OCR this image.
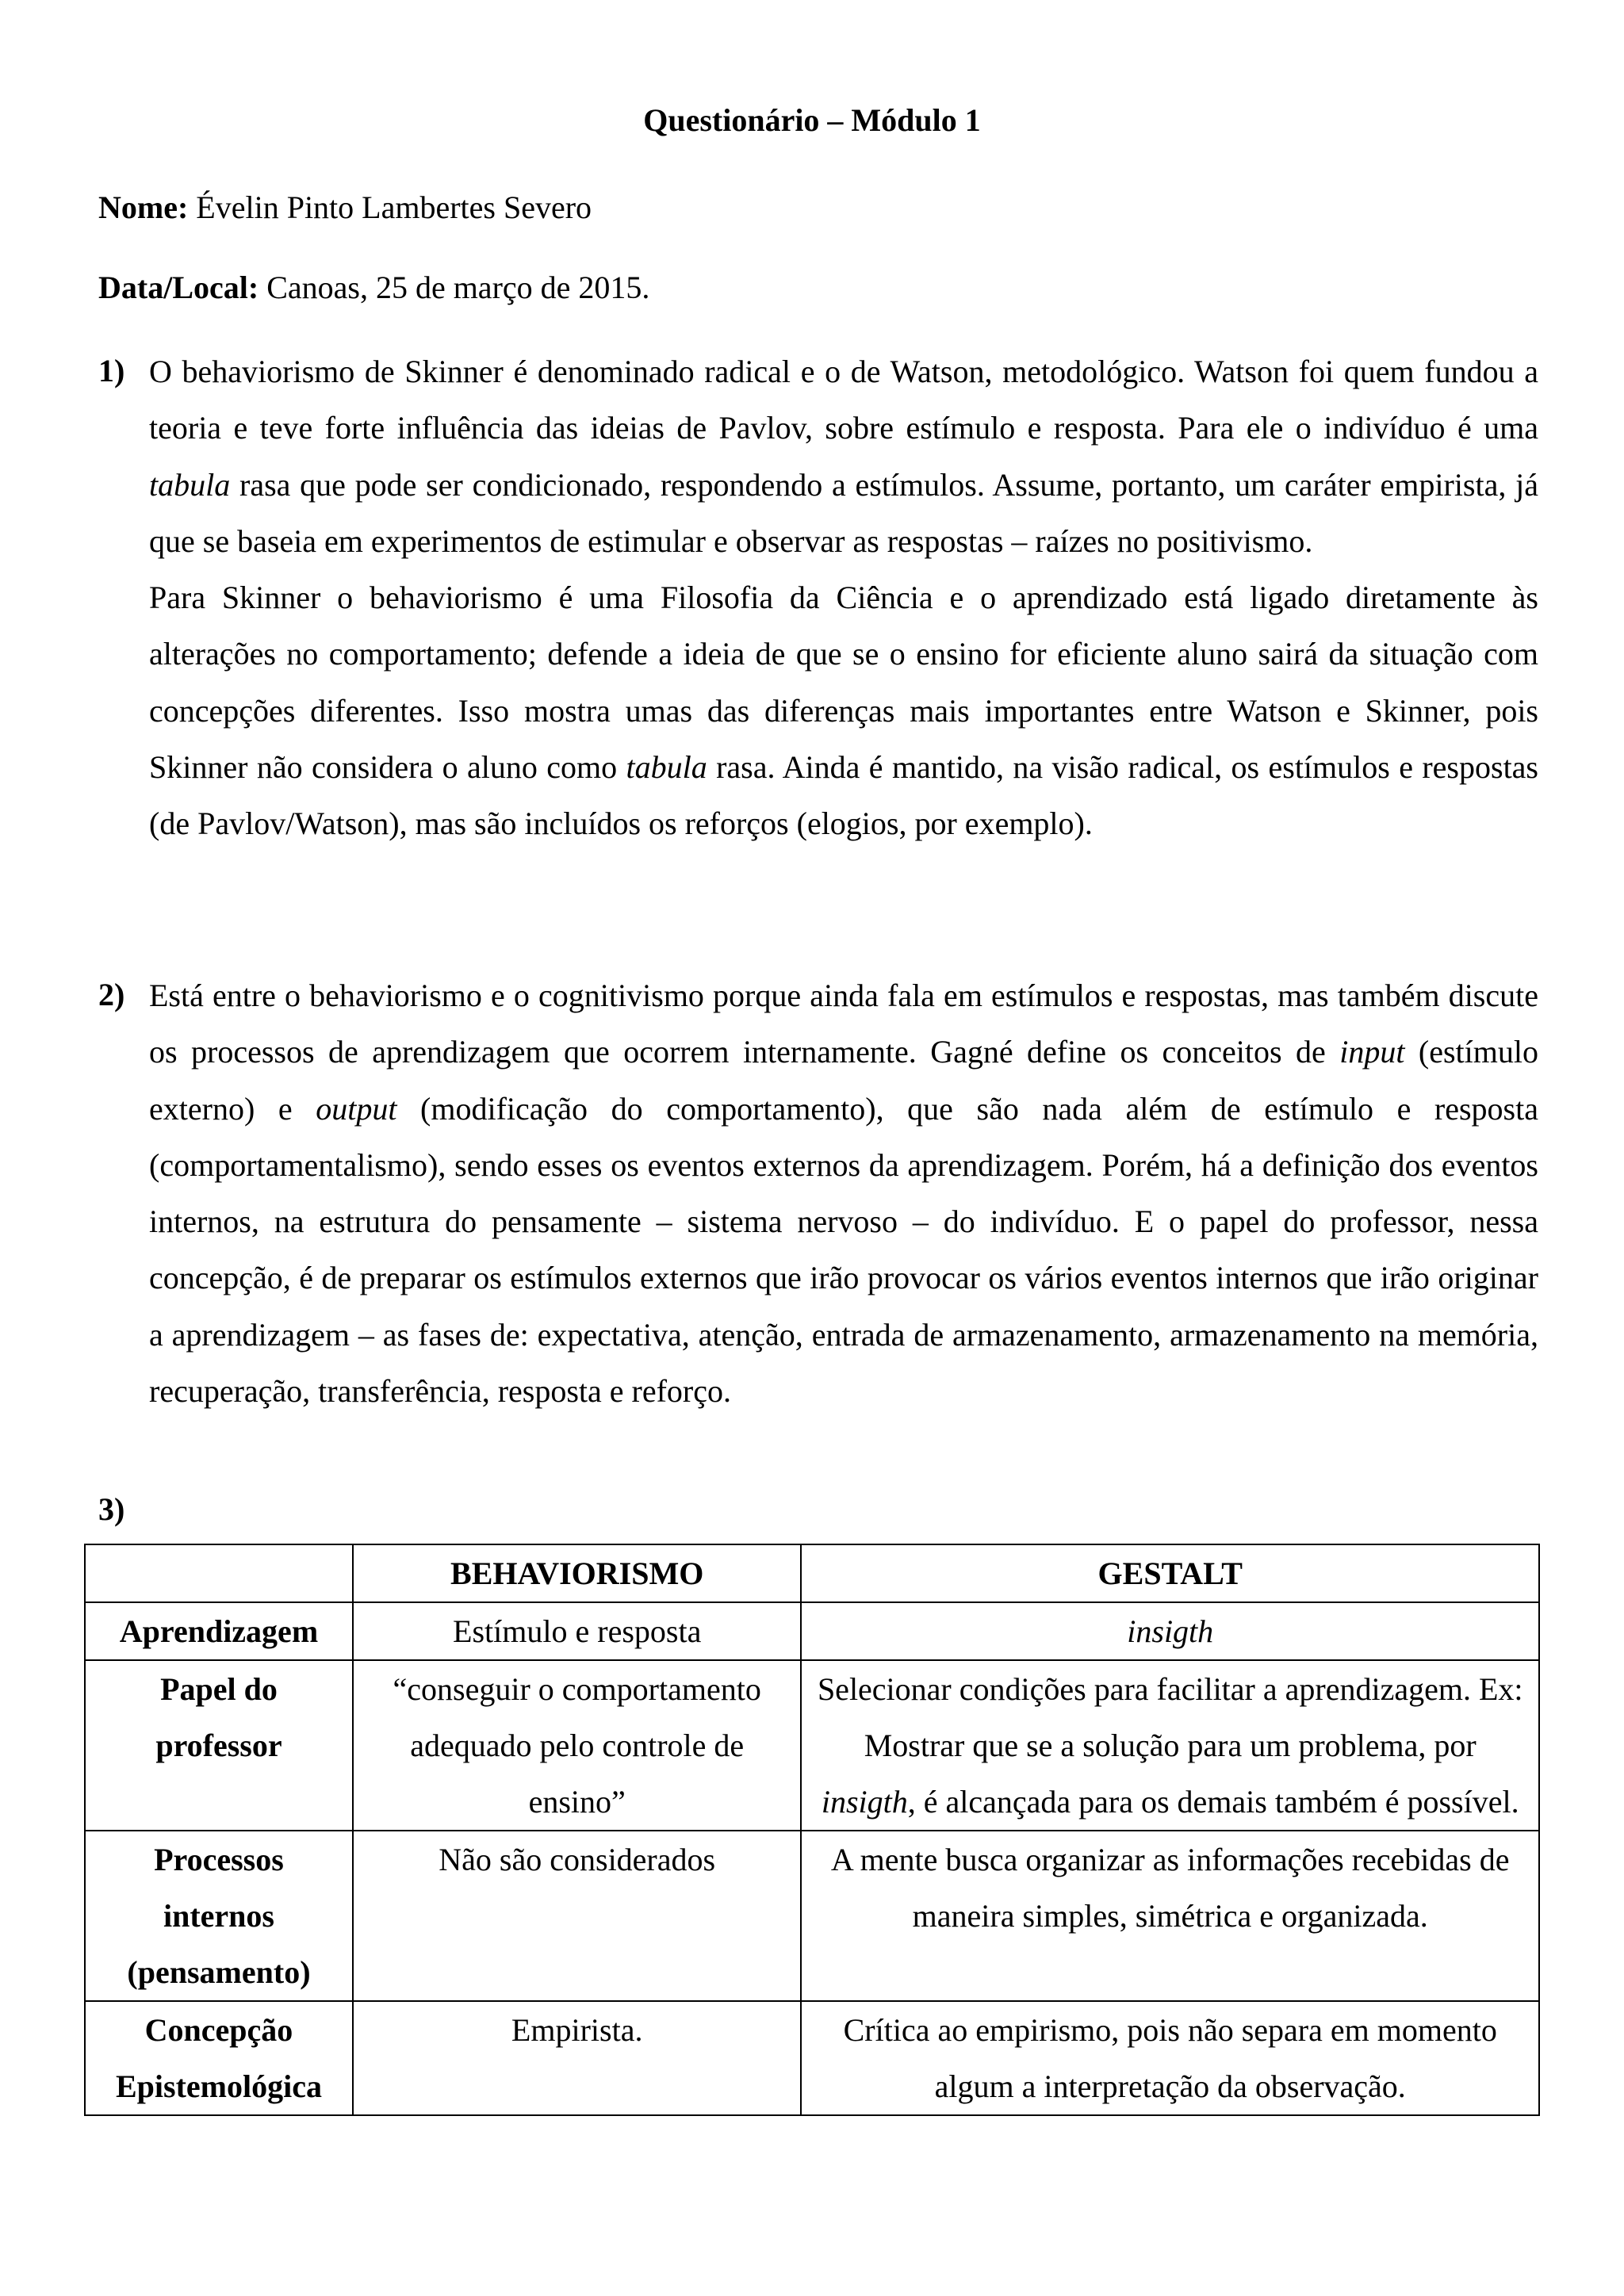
Questionário – Módulo 1
Nome: Évelin Pinto Lambertes Severo
Data/Local: Canoas, 25 de março de 2015.
1) O behaviorismo de Skinner é denominado radical e o de Watson, metodológico. Watson foi quem fundou a teoria e teve forte influência das ideias de Pavlov, sobre estímulo e resposta. Para ele o indivíduo é uma tabula rasa que pode ser condicionado, respondendo a estímulos. Assume, portanto, um caráter empirista, já que se baseia em experimentos de estimular e observar as respostas – raízes no positivismo.

Para Skinner o behaviorismo é uma Filosofia da Ciência e o aprendizado está ligado diretamente às alterações no comportamento; defende a ideia de que se o ensino for eficiente aluno sairá da situação com concepções diferentes. Isso mostra umas das diferenças mais importantes entre Watson e Skinner, pois Skinner não considera o aluno como tabula rasa. Ainda é mantido, na visão radical, os estímulos e respostas (de Pavlov/Watson), mas são incluídos os reforços (elogios, por exemplo).

2) Está entre o behaviorismo e o cognitivismo porque ainda fala em estímulos e respostas, mas também discute os processos de aprendizagem que ocorrem internamente. Gagné define os conceitos de input (estímulo externo) e output (modificação do comportamento), que são nada além de estímulo e resposta (comportamentalismo), sendo esses os eventos externos da aprendizagem. Porém, há a definição dos eventos internos, na estrutura do pensamente – sistema nervoso – do indivíduo. E o papel do professor, nessa concepção, é de preparar os estímulos externos que irão provocar os vários eventos internos que irão originar a aprendizagem – as fases de: expectativa, atenção, entrada de armazenamento, armazenamento na memória, recuperação, transferência, resposta e reforço.

3)
	BEHAVIORISMO	GESTALT
Aprendizagem	Estímulo e resposta	insigth
Papel do professor	“conseguir o comportamento adequado pelo controle de ensino”	Selecionar condições para facilitar a aprendizagem. Ex: Mostrar que se a solução para um problema, por insigth, é alcançada para os demais também é possível.
Processos internos (pensamento)	Não são considerados	A mente busca organizar as informações recebidas de maneira simples, simétrica e organizada.
Concepção Epistemológica	Empirista.	Crítica ao empirismo, pois não separa em momento algum a interpretação da observação.
